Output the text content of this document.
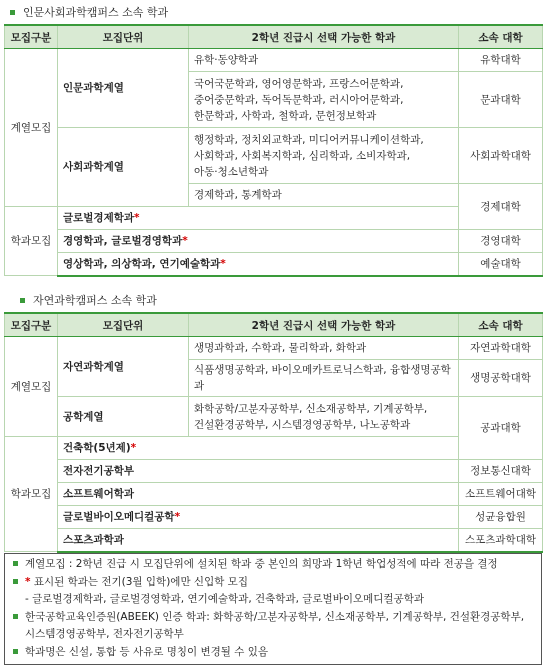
인문사회과학캠퍼스 소속 학과
모집구분	모집단위	2학년 진급시 선택 가능한 학과	소속 대학
계열모집	인문과학계열	유학·동양학과	유학대학

		국어국문학과, 영어영문학과, 프랑스어문학과,
중어중문학과, 독어독문학과, 러시아어문학과,
한문학과, 사학과, 철학과, 문헌정보학과	문과대학
	사회과학계열	행정학과, 정치외교학과, 미디어커뮤니케이션학과,
사회학과, 사회복지학과, 심리학과, 소비자학과,
아동·청소년학과	사회과학대학
		경제학과, 통계학과	경제대학
학과모집	글로벌경제학과*		
	경영학과, 글로벌경영학과*		경영대학
	영상학과, 의상학과, 연기예술학과*		예술대학
자연과학캠퍼스 소속 학과
모집구분	모집단위	2학년 진급시 선택 가능한 학과	소속 대학
계열모집	자연과학계열	생명과학과, 수학과, 물리학과, 화학과	자연과학대학
		식품생명공학과, 바이오메카트로닉스학과, 융합생명공학과	생명공학대학
	공학계열	화학공학/고분자공학부, 신소재공학부, 기계공학부,
건설환경공학부, 시스템경영공학부, 나노공학과	공과대학
학과모집	건축학(5년제)*		
	전자전기공학부		정보통신대학
	소프트웨어학과		소프트웨어대학
	글로벌바이오메디컬공학*		성균융합원
	스포츠과학과		스포츠과학대학
계열모집 : 2학년 진급 시 모집단위에 설치된 학과 중 본인의 희망과 1학년 학업성적에 따라 전공을 결정
* 표시된 학과는 전기(3월 입학)에만 신입학 모집
- 글로벌경제학과, 글로벌경영학과, 연기예술학과, 건축학과, 글로벌바이오메디컬공학과
한국공학교육인증원(ABEEK) 인증 학과: 화학공학/고분자공학부, 신소재공학부, 기계공학부, 건설환경공학부,
시스템경영공학부, 전자전기공학부
학과명은 신설, 통합 등 사유로 명칭이 변경될 수 있음
